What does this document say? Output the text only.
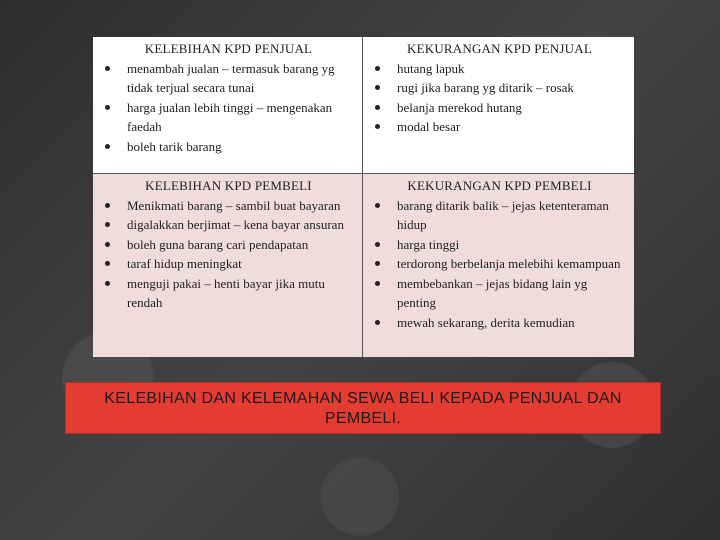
KELEBIHAN KPD PENJUAL

menambah jualan – termasuk barang yg tidak terjual secara tunai
harga jualan lebih tinggi – mengenakan faedah
boleh tarik barang

KEKURANGAN KPD PENJUAL

hutang lapuk
rugi jika barang yg ditarik – rosak
belanja merekod hutang
modal besar

KELEBIHAN KPD PEMBELI

Menikmati barang – sambil buat bayaran
digalakkan berjimat – kena bayar ansuran
boleh guna barang cari pendapatan
taraf hidup meningkat
menguji pakai – henti bayar jika mutu rendah

KEKURANGAN KPD PEMBELI

barang ditarik balik – jejas ketenteraman hidup
harga tinggi
terdorong berbelanja melebihi kemampuan
membebankan – jejas bidang lain yg penting
mewah sekarang, derita kemudian
KELEBIHAN DAN KELEMAHAN SEWA BELI KEPADA PENJUAL DAN PEMBELI.
